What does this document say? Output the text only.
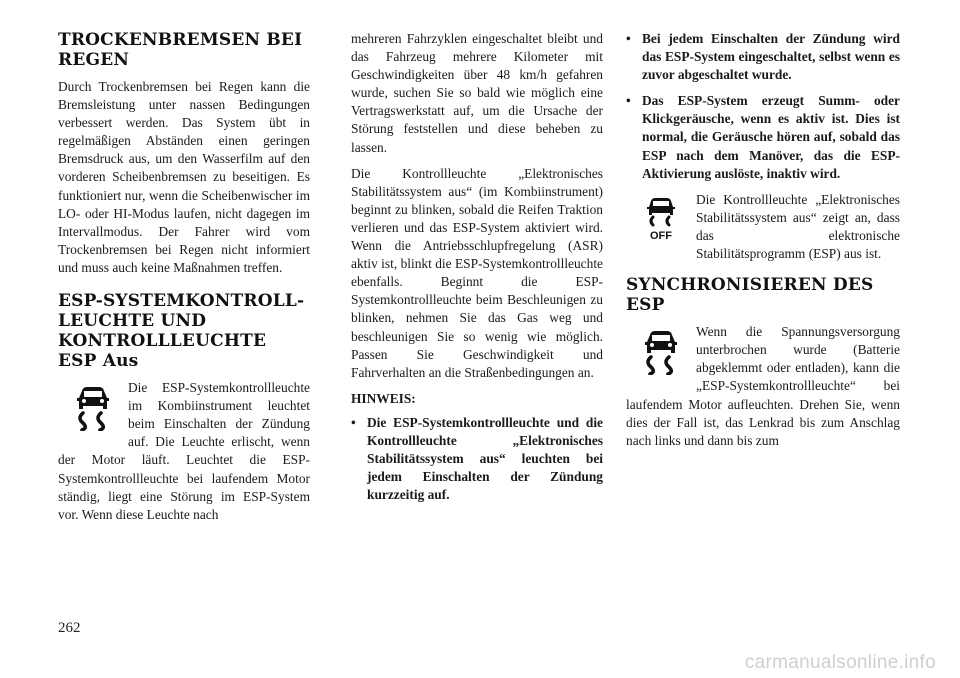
TROCKENBREMSEN BEI REGEN

Durch Trockenbremsen bei Regen kann die Bremsleistung unter nassen Bedingungen verbessert werden. Das System übt in regelmäßigen Abständen einen geringen Bremsdruck aus, um den Wasserfilm auf den vorderen Scheibenbremsen zu beseitigen. Es funktioniert nur, wenn die Scheibenwischer im LO- oder HI-Modus laufen, nicht dagegen im Intervallmodus. Der Fahrer wird vom Trockenbremsen bei Regen nicht informiert und muss auch keine Maßnahmen treffen.

ESP-SYSTEMKONTROLL-LEUCHTE UND KONTROLLLEUCHTE ESP Aus

Die ESP-Systemkontrollleuchte im Kombiinstrument leuchtet beim Einschalten der Zündung auf. Die Leuchte erlischt, wenn der Motor läuft. Leuchtet die ESP-Systemkontrollleuchte bei laufendem Motor ständig, liegt eine Störung im ESP-System vor. Wenn diese Leuchte nach

mehreren Fahrzyklen eingeschaltet bleibt und das Fahrzeug mehrere Kilometer mit Geschwindigkeiten über 48 km/h gefahren wurde, suchen Sie so bald wie möglich eine Vertragswerkstatt auf, um die Ursache der Störung feststellen und diese beheben zu lassen.

Die Kontrollleuchte „Elektronisches Stabilitätssystem aus“ (im Kombiinstrument) beginnt zu blinken, sobald die Reifen Traktion verlieren und das ESP-System aktiviert wird. Wenn die Antriebsschlupfregelung (ASR) aktiv ist, blinkt die ESP-Systemkontrollleuchte ebenfalls. Beginnt die ESP-Systemkontrollleuchte beim Beschleunigen zu blinken, nehmen Sie das Gas weg und beschleunigen Sie so wenig wie möglich. Passen Sie Geschwindigkeit und Fahrverhalten an die Straßenbedingungen an.

HINWEIS:

• Die ESP-Systemkontrollleuchte und die Kontrollleuchte „Elektronisches Stabilitätssystem aus“ leuchten bei jedem Einschalten der Zündung kurzzeitig auf.
• Bei jedem Einschalten der Zündung wird das ESP-System eingeschaltet, selbst wenn es zuvor abgeschaltet wurde.
• Das ESP-System erzeugt Summ- oder Klickgeräusche, wenn es aktiv ist. Dies ist normal, die Geräusche hören auf, sobald das ESP nach dem Manöver, das die ESP-Aktivierung auslöste, inaktiv wird.
OFF

Die Kontrollleuchte „Elektronisches Stabilitätssystem aus“ zeigt an, dass das elektronische Stabilitätsprogramm (ESP) aus ist.

SYNCHRONISIEREN DES ESP

Wenn die Spannungsversorgung unterbrochen wurde (Batterie abgeklemmt oder entladen), kann die „ESP-Systemkontrollleuchte“ bei laufendem Motor aufleuchten. Drehen Sie, wenn dies der Fall ist, das Lenkrad bis zum Anschlag nach links und dann bis zum

262
carmanualsonline.info
